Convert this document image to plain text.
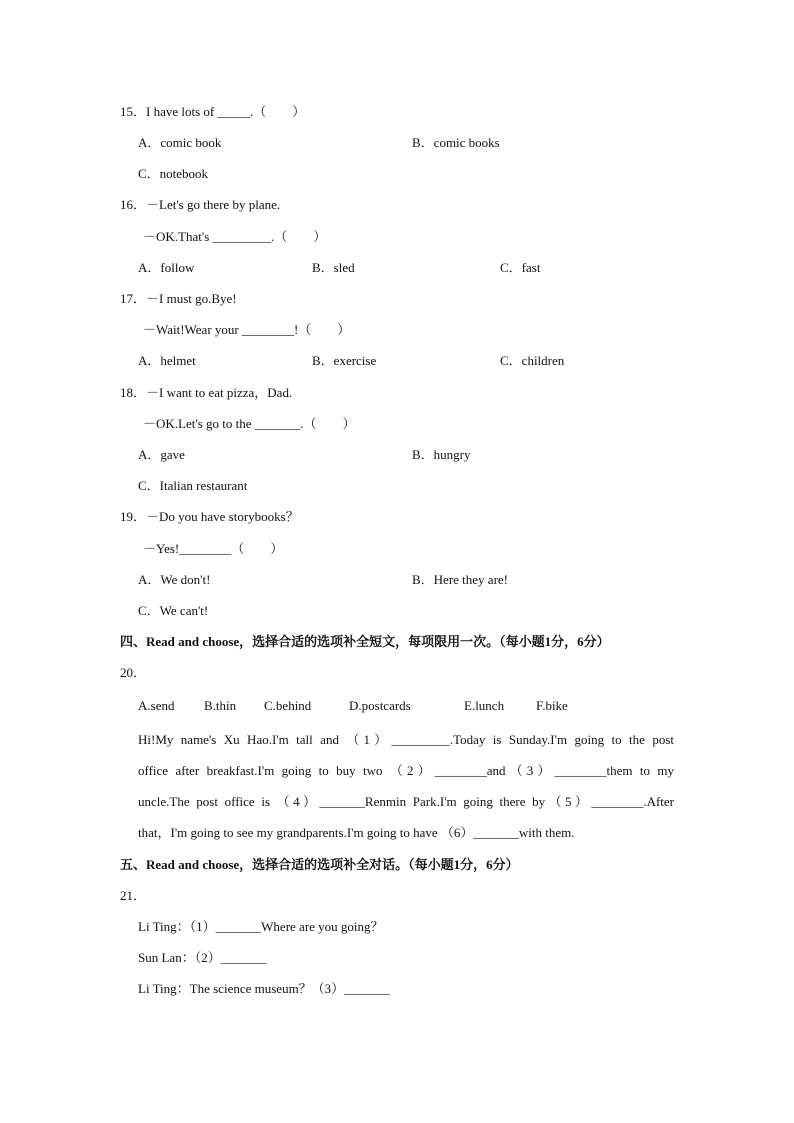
15．I have lots of _____.（　　）
A．comic book	B．comic books
C．notebook
16．－Let's go there by plane.
－OK.That's _________.（　　）
A．follow	B．sled	C．fast
17．－I must go.Bye!
－Wait!Wear your ________!（　　）
A．helmet	B．exercise	C．children
18．－I want to eat pizza，Dad.
－OK.Let's go to the _______.（　　）
A．gave	B．hungry
C．Italian restaurant
19．－Do you have storybooks？
－Yes!________（　　）
A．We don't!	B．Here they are!
C．We can't!
四、Read and choose，选择合适的选项补全短文，每项限用一次。（每小题1分，6分）
20．
A.send B.thin C.behind	D.postcards	E.lunch F.bike
Hi!My name's Xu Hao.I'm tall and （1）_________.Today is Sunday.I'm going to the post
office after breakfast.I'm going to buy two （2）________and（3）________them to my
uncle.The post office is （4）_______Renmin Park.I'm going there by（5）________.After
that，I'm going to see my grandparents.I'm going to have （6）_______with them.
五、Read and choose，选择合适的选项补全对话。（每小题1分，6分）
21．
Li Ting：（1）_______Where are you going？
Sun Lan：（2）_______
Li Ting：The science museum？（3）_______
